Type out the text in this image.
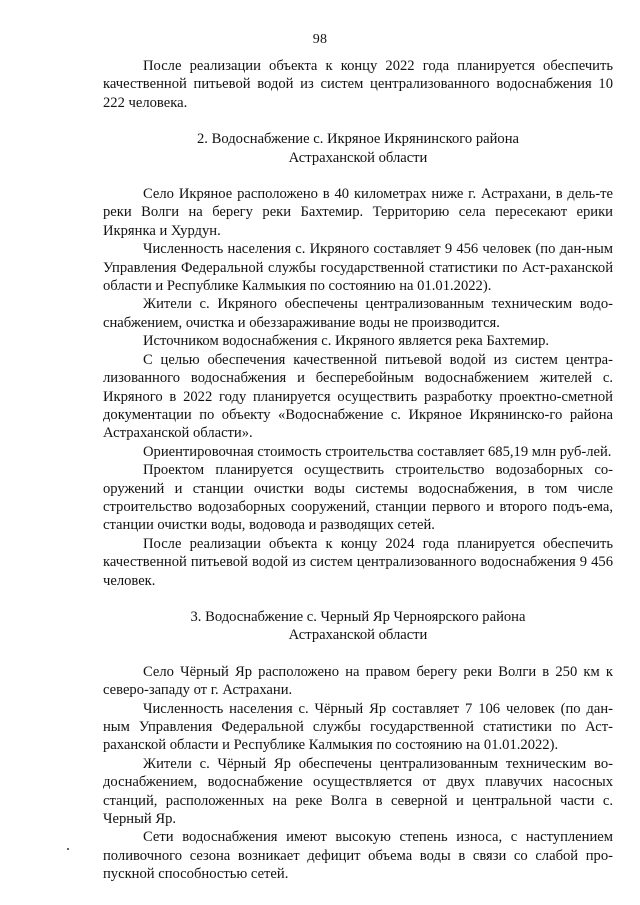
98

После реализации объекта к концу 2022 года планируется обеспечить качественной питьевой водой из систем централизованного водоснабжения 10 222 человека.

2. Водоснабжение с. Икряное Икрянинского района
Астраханской области

Село Икряное расположено в 40 километрах ниже г. Астрахани, в дель-те реки Волги на берегу реки Бахтемир. Территорию села пересекают ерики Икрянка и Хурдун.

Численность населения с. Икряного составляет 9 456 человек (по дан-ным Управления Федеральной службы государственной статистики по Аст-раханской области и Республике Калмыкия по состоянию на 01.01.2022).

Жители с. Икряного обеспечены централизованным техническим водо-снабжением, очистка и обеззараживание воды не производится.

Источником водоснабжения с. Икряного является река Бахтемир.

С целью обеспечения качественной питьевой водой из систем центра-лизованного водоснабжения и бесперебойным водоснабжением жителей с. Икряного в 2022 году планируется осуществить разработку проектно-сметной документации по объекту «Водоснабжение с. Икряное Икрянинско-го района Астраханской области».

Ориентировочная стоимость строительства составляет 685,19 млн руб-лей.

Проектом планируется осуществить строительство водозаборных со-оружений и станции очистки воды системы водоснабжения, в том числе строительство водозаборных сооружений, станции первого и второго подъ-ема, станции очистки воды, водовода и разводящих сетей.

После реализации объекта к концу 2024 года планируется обеспечить качественной питьевой водой из систем централизованного водоснабжения 9 456 человек.

3. Водоснабжение с. Черный Яр Черноярского района
Астраханской области

Село Чёрный Яр расположено на правом берегу реки Волги в 250 км к северо-западу от г. Астрахани.

Численность населения с. Чёрный Яр составляет 7 106 человек (по дан-ным Управления Федеральной службы государственной статистики по Аст-раханской области и Республике Калмыкия по состоянию на 01.01.2022).

Жители с. Чёрный Яр обеспечены централизованным техническим во-доснабжением, водоснабжение осуществляется от двух плавучих насосных станций, расположенных на реке Волга в северной и центральной части с. Черный Яр.

Сети водоснабжения имеют высокую степень износа, с наступлением поливочного сезона возникает дефицит объема воды в связи со слабой про-пускной способностью сетей.
